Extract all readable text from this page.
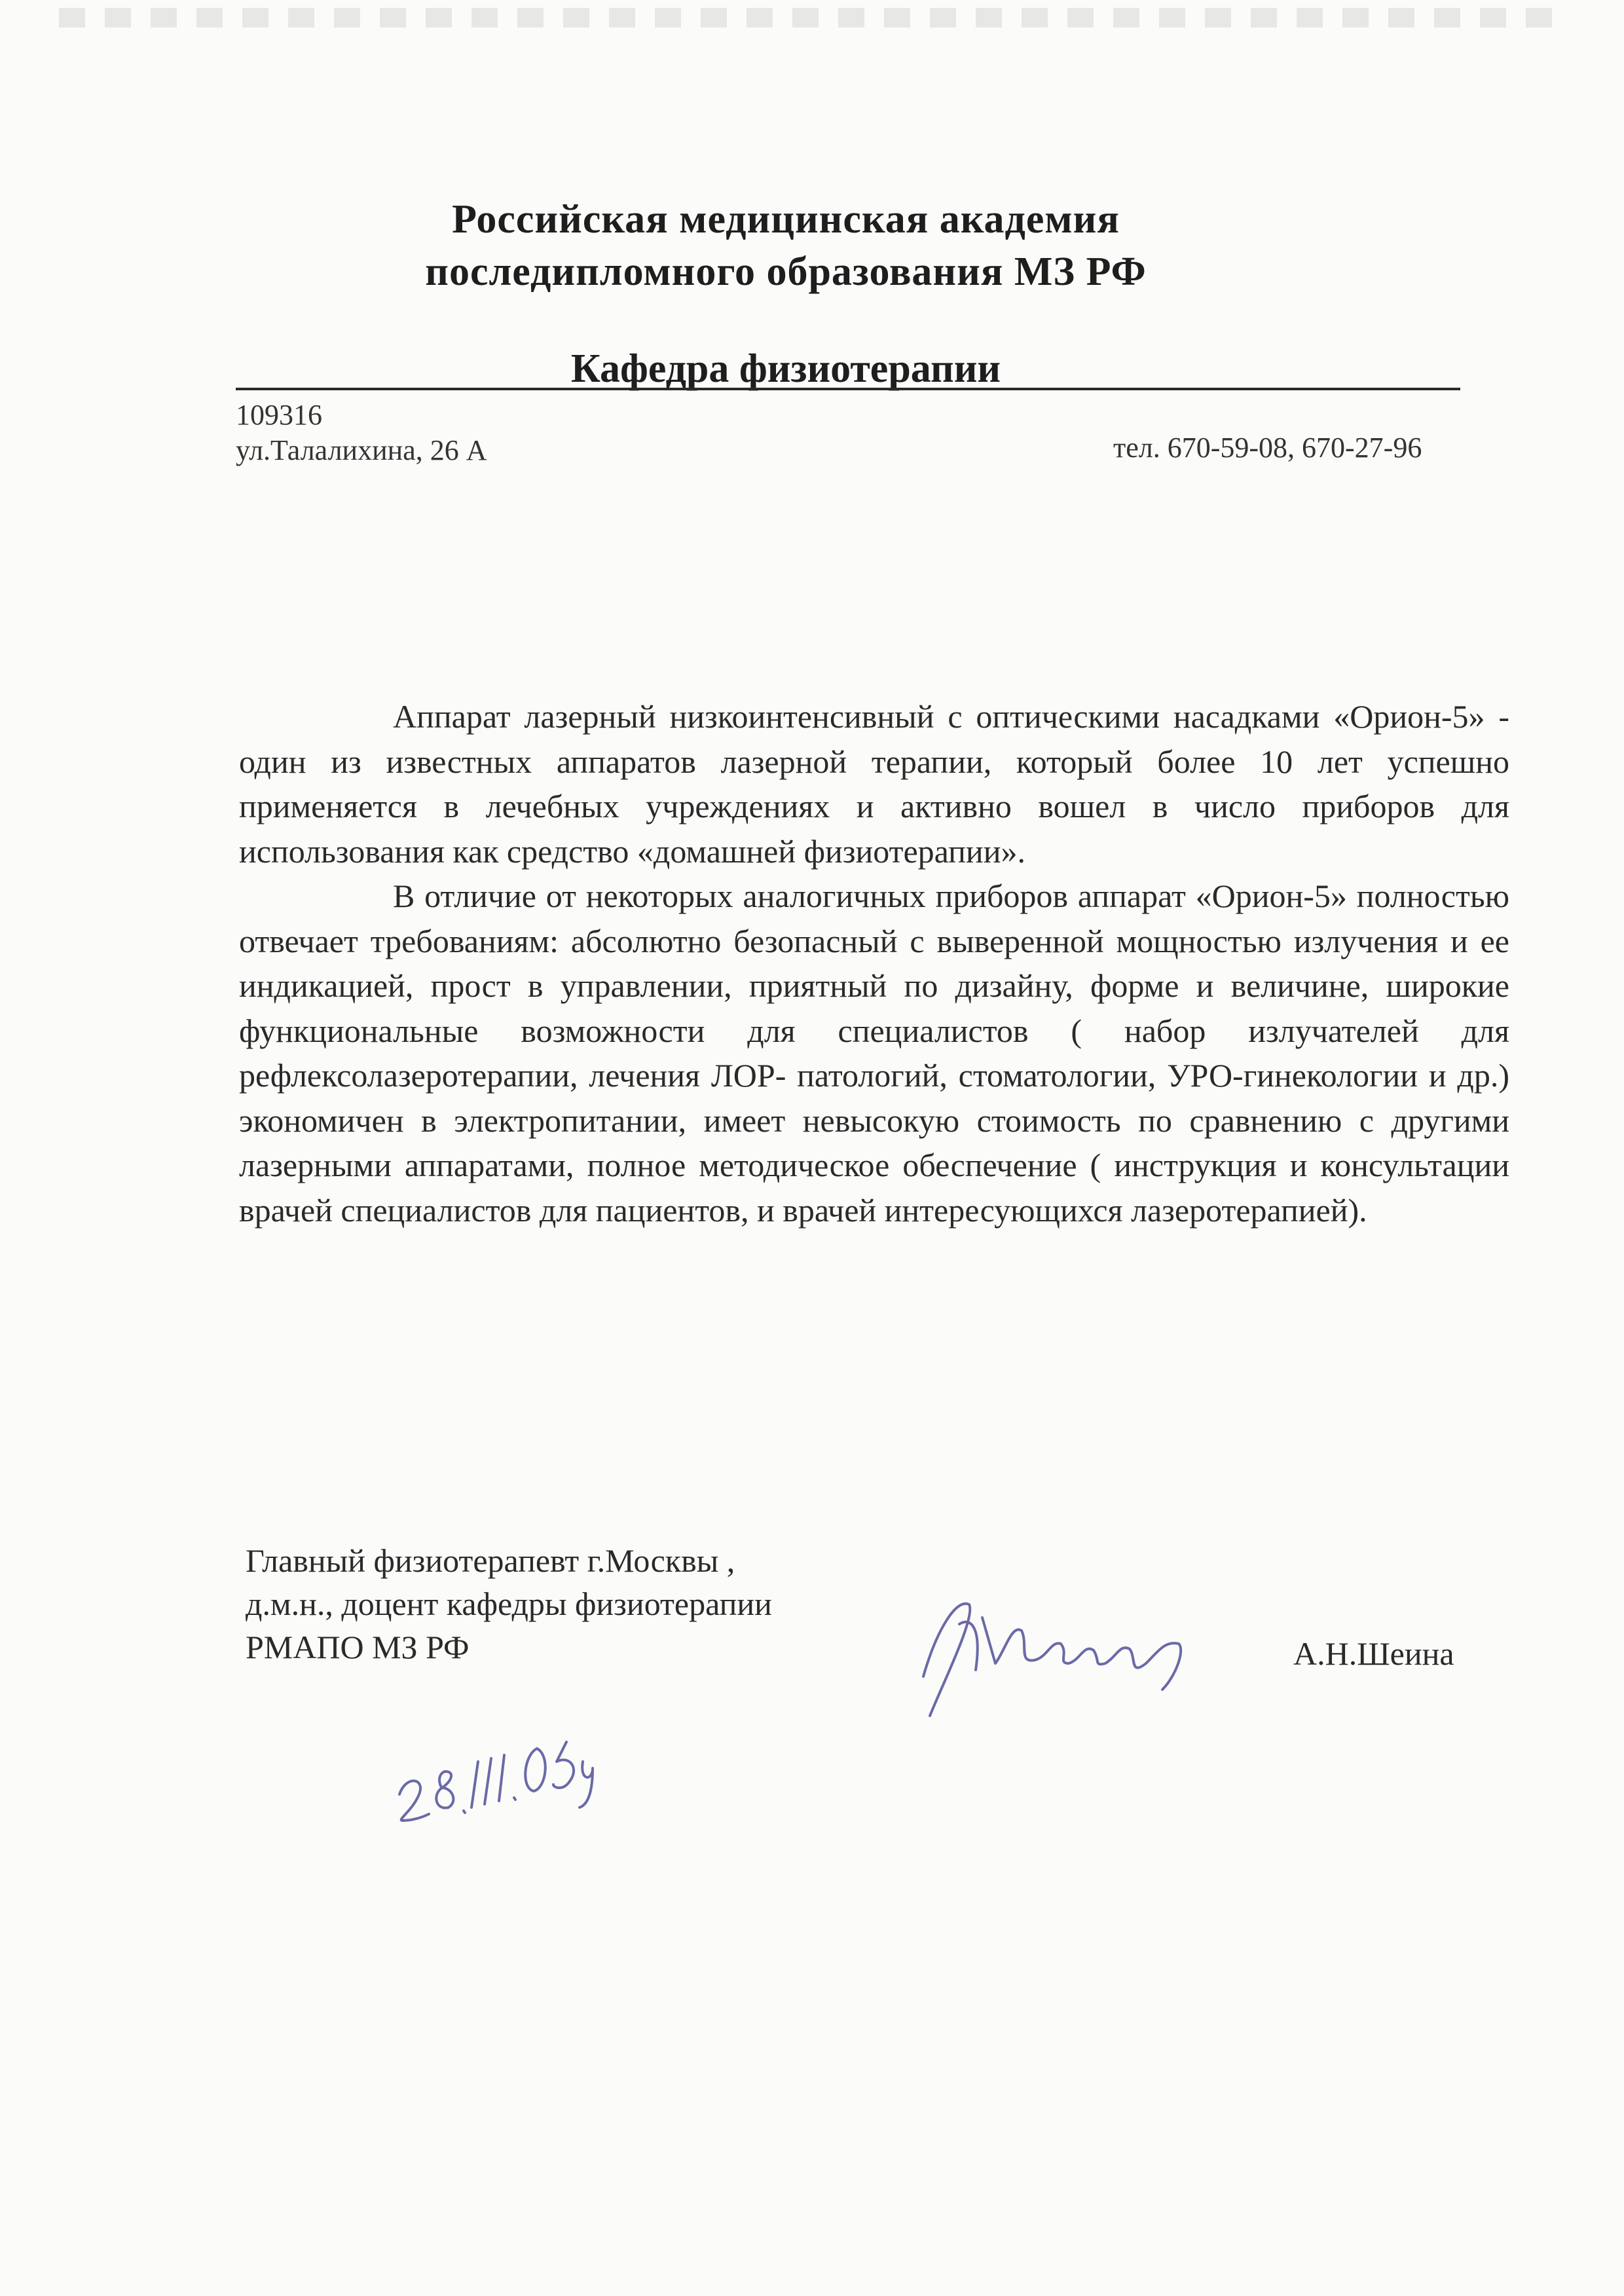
Российская медицинская академия
последипломного образования МЗ РФ
Кафедра физиотерапии
109316
ул.Талалихина, 26 А	тел. 670-59-08, 670-27-96

Аппарат лазерный низкоинтенсивный с оптическими насадками «Орион-5» - один из известных аппаратов лазерной терапии, который более 10 лет успешно применяется в лечебных учреждениях и активно вошел в число приборов для использования как средство «домашней физиотерапии».

В отличие от некоторых аналогичных приборов аппарат «Орион-5» полностью отвечает требованиям: абсолютно безопасный с выверенной мощностью излучения и ее индикацией, прост в управлении, приятный по дизайну, форме и величине, широкие функциональные возможности для специалистов ( набор излучателей для рефлексолазеротерапии, лечения ЛОР- патологий, стоматологии, УРО-гинекологии и др.) экономичен в электропитании, имеет невысокую стоимость по сравнению с другими лазерными аппаратами, полное методическое обеспечение ( инструкция и консультации врачей специалистов для пациентов, и врачей интересующихся лазеротерапией).

Главный физиотерапевт г.Москвы ,
д.м.н., доцент кафедры физиотерапии
РМАПО МЗ РФ	А.Н.Шеина
